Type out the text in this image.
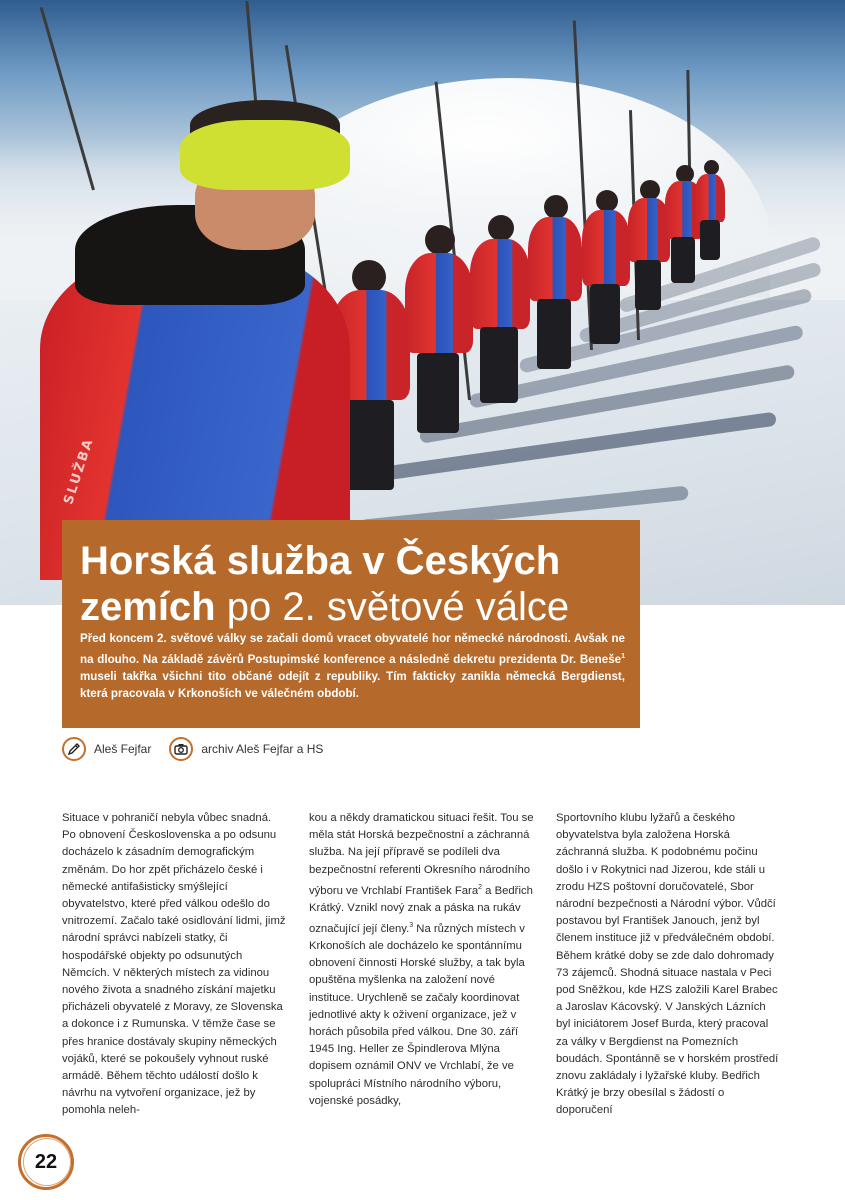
SLUŽBA
Horská služba v Českých zemích po 2. světové válce

Před koncem 2. světové války se začali domů vracet obyvatelé hor německé národnosti. Avšak ne na dlouho. Na základě závěrů Postupimské konference a následně dekretu prezidenta Dr. Beneše$^1$ museli takřka všichni tito občané odejít z republiky. Tím fakticky zanikla německá Bergdienst, která pracovala v Krkonoších ve válečném období.

Aleš Fejfar	archiv Aleš Fejfar a HS

Situace v pohraničí nebyla vůbec snadná. Po obnovení Československa a po odsunu docházelo k zásadním demografickým změnám. Do hor zpět přicházelo české i německé antifašisticky smýšlející obyvatelstvo, které před válkou odešlo do vnitrozemí. Začalo také osidlování lidmi, jimž národní správci nabízeli statky, či hospodářské objekty po odsunutých Němcích. V některých místech za vidinou nového života a snadného získání majetku přicházeli obyvatelé z Moravy, ze Slovenska a dokonce i z Rumunska. V těmže čase se přes hranice dostávaly skupiny německých vojáků, které se pokoušely vyhnout ruské armádě. Během těchto událostí došlo k návrhu na vytvoření organizace, jež by pomohla neleh-

kou a někdy dramatickou situaci řešit. Tou se měla stát Horská bezpečnostní a záchranná služba. Na její přípravě se podíleli dva bezpečnostní referenti Okresního národního výboru ve Vrchlabí František Fara$^2$ a Bedřich Krátký. Vznikl nový znak a páska na rukáv označující její členy.$^3$ Na různých místech v Krkonoších ale docházelo ke spontánnímu obnovení činnosti Horské služby, a tak byla opuštěna myšlenka na založení nové instituce. Urychleně se začaly koordinovat jednotlivé akty k oživení organizace, jež v horách působila před válkou. Dne 30. září 1945 Ing. Heller ze Špindlerova Mlýna dopisem oznámil ONV ve Vrchlabí, že ve spolupráci Místního národního výboru, vojenské posádky,

Sportovního klubu lyžařů a českého obyvatelstva byla založena Horská záchranná služba. K podobnému počinu došlo i v Rokytnici nad Jizerou, kde stáli u zrodu HZS poštovní doručovatelé, Sbor národní bezpečnosti a Národní výbor. Vůdčí postavou byl František Janouch, jenž byl členem instituce již v předválečném období. Během krátké doby se zde dalo dohromady 73 zájemců. Shodná situace nastala v Peci pod Sněžkou, kde HZS založili Karel Brabec a Jaroslav Kácovský. V Janských Lázních byl iniciátorem Josef Burda, který pracoval za války v Bergdienst na Pomezních boudách. Spontánně se v horském prostředí znovu zakládaly i lyžařské kluby. Bedřich Krátký je brzy obesílal s žádostí o doporučení

22
